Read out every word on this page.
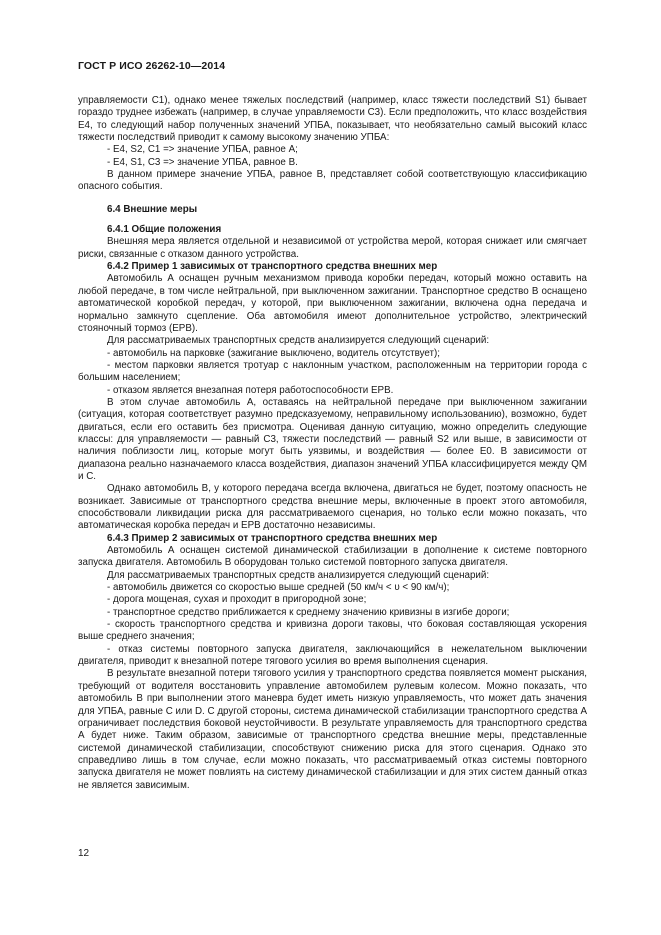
ГОСТ Р ИСО 26262-10—2014

управляемости C1), однако менее тяжелых последствий (например, класс тяжести последствий S1) бывает гораздо труднее избежать (например, в случае управляемости C3). Если предположить, что класс воздействия E4, то следующий набор полученных значений УПБА, показывает, что необязательно самый высокий класс тяжести последствий приводит к самому высокому значению УПБА:

- E4, S2, C1 => значение УПБА, равное А;

- E4, S1, C3 => значение УПБА, равное В.

В данном примере значение УПБА, равное В, представляет собой соответствующую классификацию опасного события.

6.4 Внешние меры

6.4.1 Общие положения

Внешняя мера является отдельной и независимой от устройства мерой, которая снижает или смягчает риски, связанные с отказом данного устройства.

6.4.2 Пример 1 зависимых от транспортного средства внешних мер

Автомобиль А оснащен ручным механизмом привода коробки передач, который можно оставить на любой передаче, в том числе нейтральной, при выключенном зажигании. Транспортное средство В оснащено автоматической коробкой передач, у которой, при выключенном зажигании, включена одна передача и нормально замкнуто сцепление. Оба автомобиля имеют дополнительное устройство, электрический стояночный тормоз (EPB).

Для рассматриваемых транспортных средств анализируется следующий сценарий:

- автомобиль на парковке (зажигание выключено, водитель отсутствует);

- местом парковки является тротуар с наклонным участком, расположенным на территории города с большим населением;

- отказом является внезапная потеря работоспособности EPB.

В этом случае автомобиль А, оставаясь на нейтральной передаче при выключенном зажигании (ситуация, которая соответствует разумно предсказуемому, неправильному использованию), возможно, будет двигаться, если его оставить без присмотра. Оценивая данную ситуацию, можно определить следующие классы: для управляемости — равный C3, тяжести последствий — равный S2 или выше, в зависимости от наличия поблизости лиц, которые могут быть уязвимы, и воздействия — более E0. В зависимости от диапазона реально назначаемого класса воздействия, диапазон значений УПБА классифицируется между QM и С.

Однако автомобиль В, у которого передача всегда включена, двигаться не будет, поэтому опасность не возникает. Зависимые от транспортного средства внешние меры, включенные в проект этого автомобиля, способствовали ликвидации риска для рассматриваемого сценария, но только если можно показать, что автоматическая коробка передач и EPB достаточно независимы.

6.4.3 Пример 2 зависимых от транспортного средства внешних мер

Автомобиль А оснащен системой динамической стабилизации в дополнение к системе повторного запуска двигателя. Автомобиль В оборудован только системой повторного запуска двигателя.

Для рассматриваемых транспортных средств анализируется следующий сценарий:

- автомобиль движется со скоростью выше средней (50 км/ч < υ < 90 км/ч);

- дорога мощеная, сухая и проходит в пригородной зоне;

- транспортное средство приближается к среднему значению кривизны в изгибе дороги;

- скорость транспортного средства и кривизна дороги таковы, что боковая составляющая ускорения выше среднего значения;

- отказ системы повторного запуска двигателя, заключающийся в нежелательном выключении двигателя, приводит к внезапной потере тягового усилия во время выполнения сценария.

В результате внезапной потери тягового усилия у транспортного средства появляется момент рыскания, требующий от водителя восстановить управление автомобилем рулевым колесом. Можно показать, что автомобиль В при выполнении этого маневра будет иметь низкую управляемость, что может дать значения для УПБА, равные С или D. С другой стороны, система динамической стабилизации транспортного средства А ограничивает последствия боковой неустойчивости. В результате управляемость для транспортного средства А будет ниже. Таким образом, зависимые от транспортного средства внешние меры, представленные системой динамической стабилизации, способствуют снижению риска для этого сценария. Однако это справедливо лишь в том случае, если можно показать, что рассматриваемый отказ системы повторного запуска двигателя не может повлиять на систему динамической стабилизации и для этих систем данный отказ не является зависимым.

12
